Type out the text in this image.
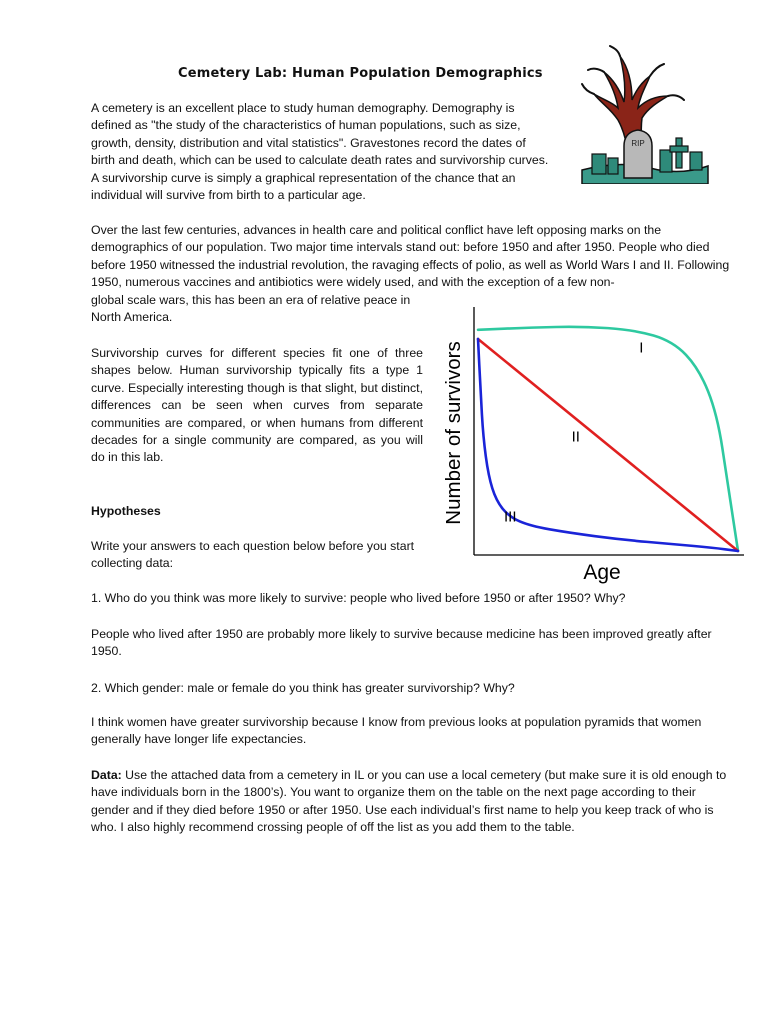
Cemetery Lab: Human Population Demographics
A cemetery is an excellent place to study human demography. Demography is defined as "the study of the characteristics of human populations, such as size, growth, density, distribution and vital statistics". Gravestones record the dates of birth and death, which can be used to calculate death rates and survivorship curves. A survivorship curve is simply a graphical representation of the chance that an individual will survive from birth to a particular age.
Over the last few centuries, advances in health care and political conflict have left opposing marks on the demographics of our population. Two major time intervals stand out: before 1950 and after 1950. People who died before 1950 witnessed the industrial revolution, the ravaging effects of polio, as well as World Wars I and II. Following 1950, numerous vaccines and antibiotics were widely used, and with the exception of a few non-
global scale wars, this has been an era of relative peace in North America.
Survivorship curves for different species fit one of three shapes below. Human survivorship typically fits a type 1 curve. Especially interesting though is that slight, but distinct, differences can be seen when curves from separate communities are compared, or when humans from different decades for a single community are compared, as you will do in this lab.
Hypotheses
Write your answers to each question below before you start collecting data:
1. Who do you think was more likely to survive: people who lived before 1950 or after 1950? Why?
People who lived after 1950 are probably more likely to survive because medicine has been improved greatly after 1950.
2. Which gender: male or female do you think has greater survivorship? Why?
I think women have greater survivorship because I know from previous looks at population pyramids that women generally have longer life expectancies.
Data: Use the attached data from a cemetery in IL or you can use a local cemetery (but make sure it is old enough to have individuals born in the 1800’s). You want to organize them on the table on the next page according to their gender and if they died before 1950 or after 1950. Use each individual’s first name to help you keep track of who is who. I also highly recommend crossing people of off the list as you add them to the table.
RIP
I
II
III
Age
Number of survivors
